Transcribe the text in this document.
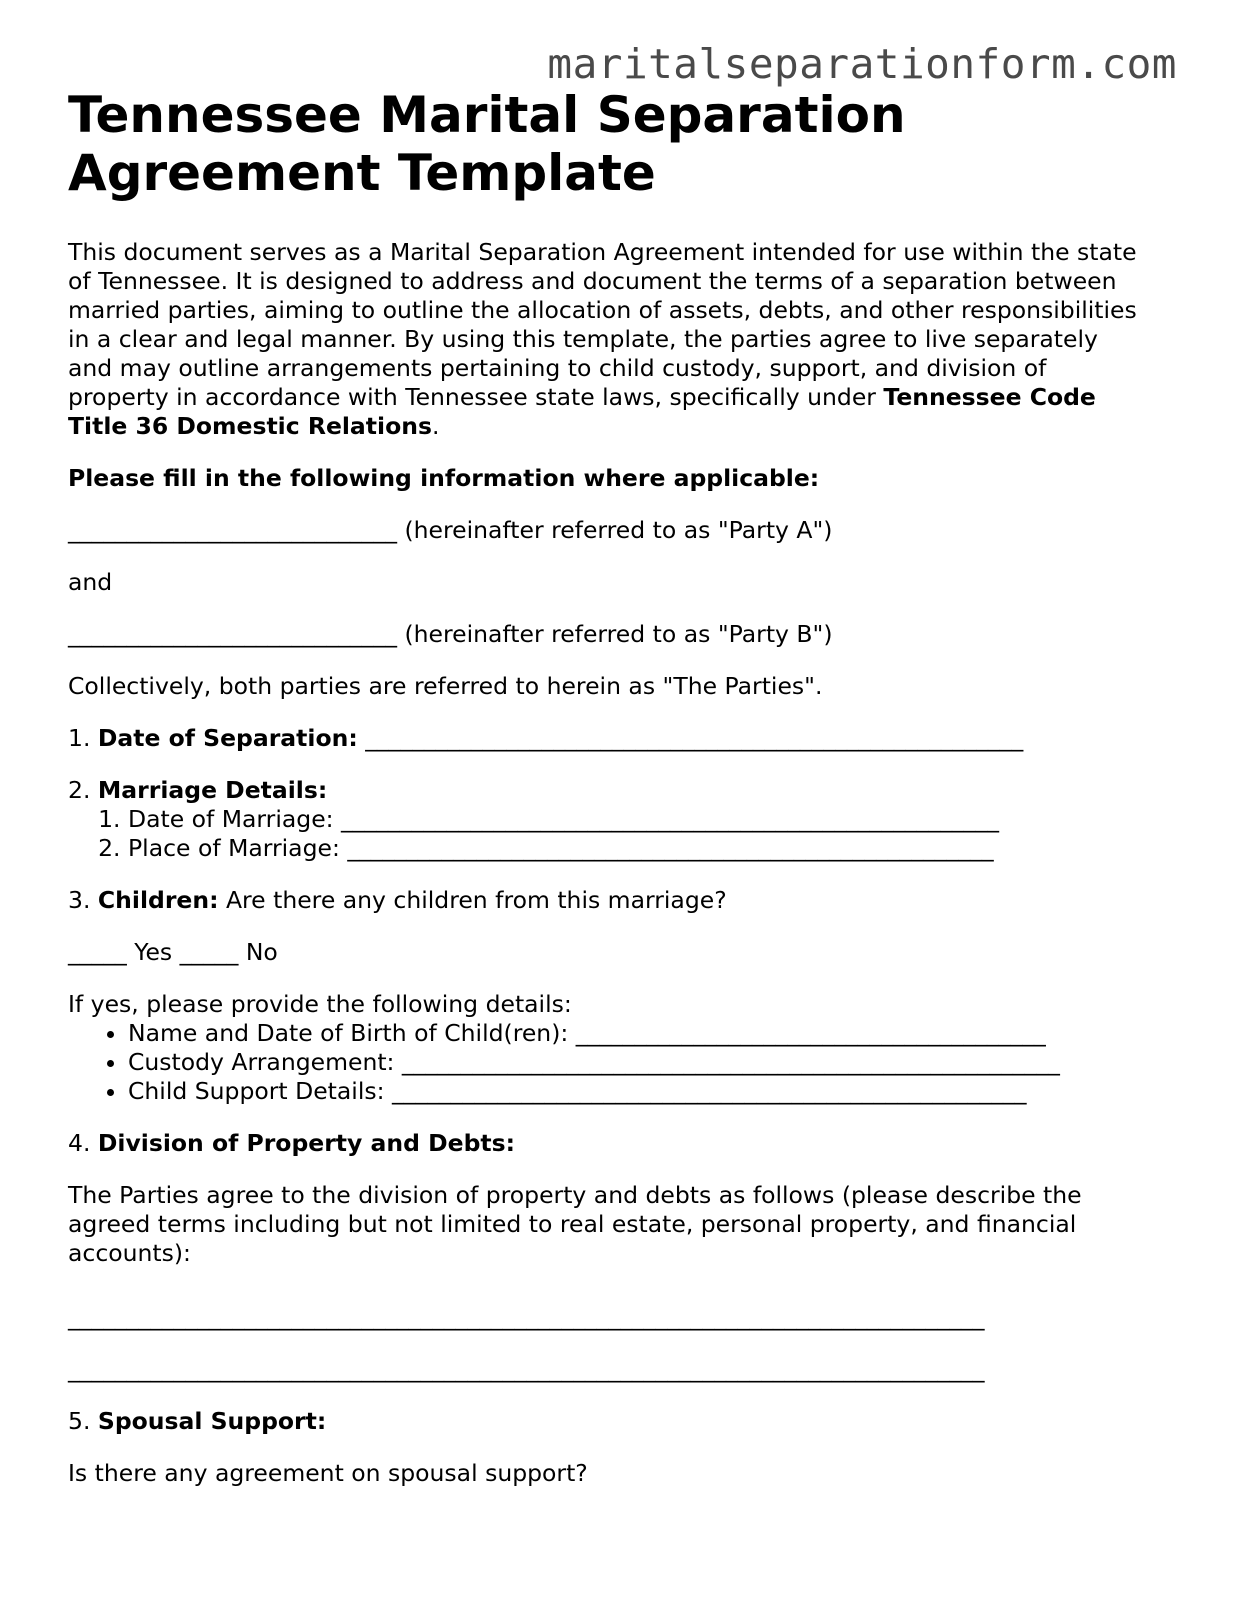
maritalseparationform.com
Tennessee Marital Separation
Agreement Template

This document serves as a Marital Separation Agreement intended for use within the state
of Tennessee. It is designed to address and document the terms of a separation between
married parties, aiming to outline the allocation of assets, debts, and other responsibilities
in a clear and legal manner. By using this template, the parties agree to live separately
and may outline arrangements pertaining to child custody, support, and division of
property in accordance with Tennessee state laws, specifically under Tennessee Code
Title 36 Domestic Relations.

Please fill in the following information where applicable:

____________________________ (hereinafter referred to as "Party A")

and

____________________________ (hereinafter referred to as "Party B")

Collectively, both parties are referred to herein as "The Parties".

1. Date of Separation: ________________________________________________________

2. Marriage Details:

1. Date of Marriage: ________________________________________________________
2. Place of Marriage: _______________________________________________________

3. Children: Are there any children from this marriage?

_____ Yes _____ No

If yes, please provide the following details:

• Name and Date of Birth of Child(ren): ________________________________________
• Custody Arrangement: ________________________________________________________
• Child Support Details: ______________________________________________________

4. Division of Property and Debts:

The Parties agree to the division of property and debts as follows (please describe the
agreed terms including but not limited to real estate, personal property, and financial
accounts):

______________________________________________________________________________

______________________________________________________________________________

5. Spousal Support:

Is there any agreement on spousal support?
